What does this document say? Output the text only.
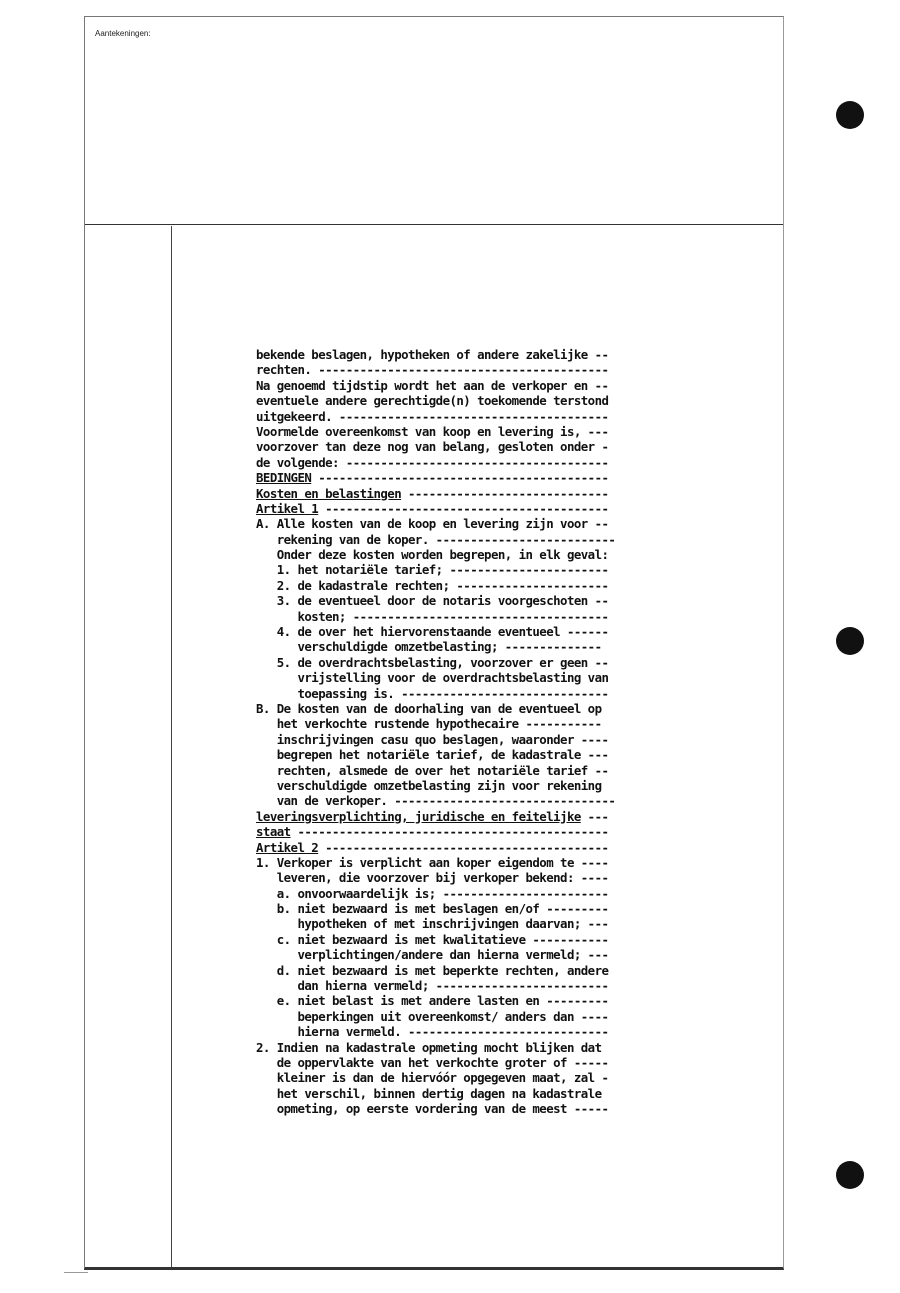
Aantekeningen:
bekende beslagen, hypotheken of andere zakelijke --
rechten. ------------------------------------------
Na genoemd tijdstip wordt het aan de verkoper en --
eventuele andere gerechtigde(n) toekomende terstond
uitgekeerd. ---------------------------------------
Voormelde overeenkomst van koop en levering is, ---
voorzover tan deze nog van belang, gesloten onder -
de volgende: --------------------------------------
BEDINGEN ------------------------------------------
Kosten en belastingen -----------------------------
Artikel 1 -----------------------------------------
A. Alle kosten van de koop en levering zijn voor --
rekening van de koper. --------------------------
Onder deze kosten worden begrepen, in elk geval:
1. het notariële tarief; -----------------------
2. de kadastrale rechten; ----------------------
3. de eventueel door de notaris voorgeschoten --
kosten; -------------------------------------
4. de over het hiervorenstaande eventueel ------
verschuldigde omzetbelasting; --------------
5. de overdrachtsbelasting, voorzover er geen --
vrijstelling voor de overdrachtsbelasting van
toepassing is. ------------------------------
B. De kosten van de doorhaling van de eventueel op
het verkochte rustende hypothecaire -----------
inschrijvingen casu quo beslagen, waaronder ----
begrepen het notariële tarief, de kadastrale ---
rechten, alsmede de over het notariële tarief --
verschuldigde omzetbelasting zijn voor rekening
van de verkoper. --------------------------------
leveringsverplichting, juridische en feitelijke ---
staat ---------------------------------------------
Artikel 2 -----------------------------------------
1. Verkoper is verplicht aan koper eigendom te ----
leveren, die voorzover bij verkoper bekend: ----
a. onvoorwaardelijk is; ------------------------
b. niet bezwaard is met beslagen en/of ---------
hypotheken of met inschrijvingen daarvan; ---
c. niet bezwaard is met kwalitatieve -----------
verplichtingen/andere dan hierna vermeld; ---
d. niet bezwaard is met beperkte rechten, andere
dan hierna vermeld; -------------------------
e. niet belast is met andere lasten en ---------
beperkingen uit overeenkomst/ anders dan ----
hierna vermeld. -----------------------------
2. Indien na kadastrale opmeting mocht blijken dat
de oppervlakte van het verkochte groter of -----
kleiner is dan de hiervóór opgegeven maat, zal -
het verschil, binnen dertig dagen na kadastrale
opmeting, op eerste vordering van de meest -----
